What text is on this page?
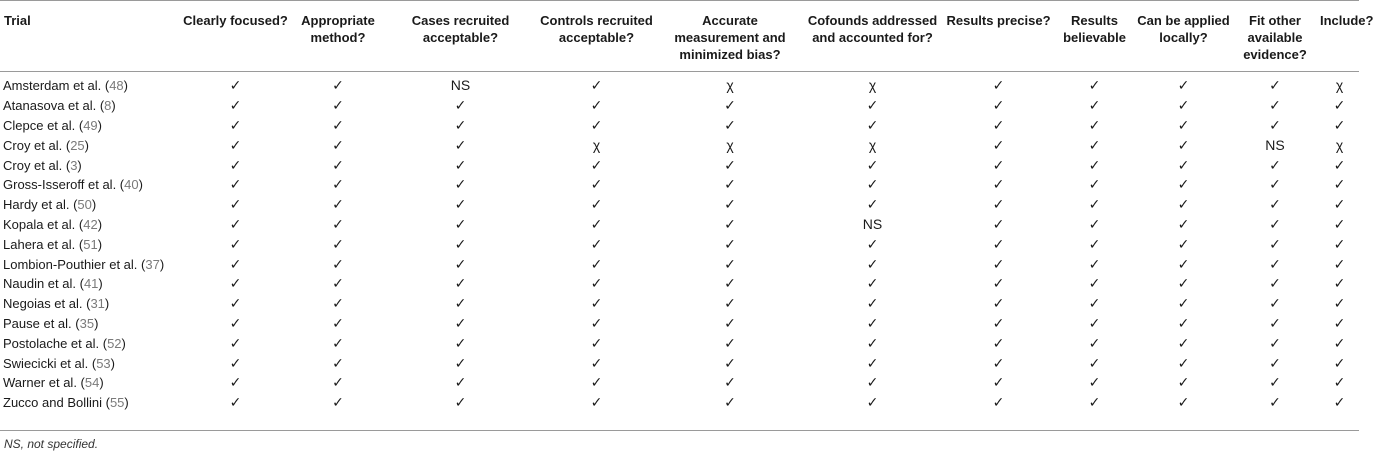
Trial	Clearly focused?	Appropriate method?	Cases recruited acceptable?	Controls recruited acceptable?	Accurate measurement and minimized bias?	Cofounds addressed and accounted for?	Results precise?	Results believable	Can be applied locally?	Fit other available evidence?	Include?
Amsterdam et al. (48)	✓	✓	NS	✓	χ	χ	✓	✓	✓	✓	χ
Atanasova et al. (8)	✓	✓	✓	✓	✓	✓	✓	✓	✓	✓	✓
Clepce et al. (49)	✓	✓	✓	✓	✓	✓	✓	✓	✓	✓	✓
Croy et al. (25)	✓	✓	✓	χ	χ	χ	✓	✓	✓	NS	χ
Croy et al. (3)	✓	✓	✓	✓	✓	✓	✓	✓	✓	✓	✓
Gross-Isseroff et al. (40)	✓	✓	✓	✓	✓	✓	✓	✓	✓	✓	✓
Hardy et al. (50)	✓	✓	✓	✓	✓	✓	✓	✓	✓	✓	✓
Kopala et al. (42)	✓	✓	✓	✓	✓	NS	✓	✓	✓	✓	✓
Lahera et al. (51)	✓	✓	✓	✓	✓	✓	✓	✓	✓	✓	✓
Lombion-Pouthier et al. (37)	✓	✓	✓	✓	✓	✓	✓	✓	✓	✓	✓
Naudin et al. (41)	✓	✓	✓	✓	✓	✓	✓	✓	✓	✓	✓
Negoias et al. (31)	✓	✓	✓	✓	✓	✓	✓	✓	✓	✓	✓
Pause et al. (35)	✓	✓	✓	✓	✓	✓	✓	✓	✓	✓	✓
Postolache et al. (52)	✓	✓	✓	✓	✓	✓	✓	✓	✓	✓	✓
Swiecicki et al. (53)	✓	✓	✓	✓	✓	✓	✓	✓	✓	✓	✓
Warner et al. (54)	✓	✓	✓	✓	✓	✓	✓	✓	✓	✓	✓
Zucco and Bollini (55)	✓	✓	✓	✓	✓	✓	✓	✓	✓	✓	✓
NS, not specified.
